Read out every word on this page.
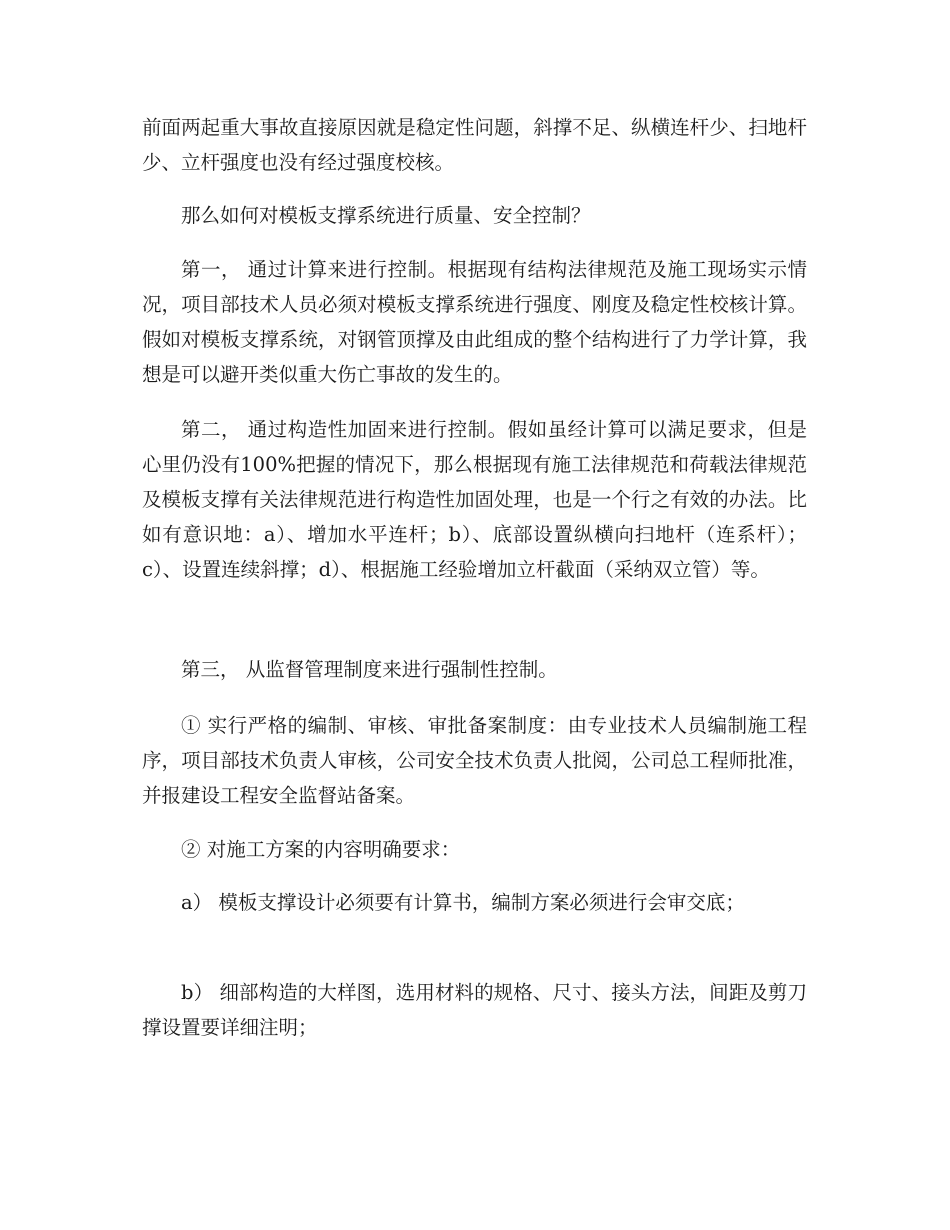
前面两起重大事故直接原因就是稳定性问题，斜撑不足、纵横连杆少、扫地杆少、立杆强度也没有经过强度校核。

那么如何对模板支撑系统进行质量、安全控制？

第一， 通过计算来进行控制。根据现有结构法律规范及施工现场实示情况，项目部技术人员必须对模板支撑系统进行强度、刚度及稳定性校核计算。假如对模板支撑系统，对钢管顶撑及由此组成的整个结构进行了力学计算，我想是可以避开类似重大伤亡事故的发生的。

第二， 通过构造性加固来进行控制。假如虽经计算可以满足要求，但是心里仍没有100%把握的情况下，那么根据现有施工法律规范和荷载法律规范及模板支撑有关法律规范进行构造性加固处理，也是一个行之有效的办法。比如有意识地：a）、增加水平连杆；b）、底部设置纵横向扫地杆（连系杆）；c）、设置连续斜撑；d）、根据施工经验增加立杆截面（采纳双立管）等。

第三， 从监督管理制度来进行强制性控制。

① 实行严格的编制、审核、审批备案制度：由专业技术人员编制施工程序，项目部技术负责人审核，公司安全技术负责人批阅，公司总工程师批准，并报建设工程安全监督站备案。

② 对施工方案的内容明确要求：

a） 模板支撑设计必须要有计算书，编制方案必须进行会审交底；

b） 细部构造的大样图，选用材料的规格、尺寸、接头方法，间距及剪刀撑设置要详细注明；
